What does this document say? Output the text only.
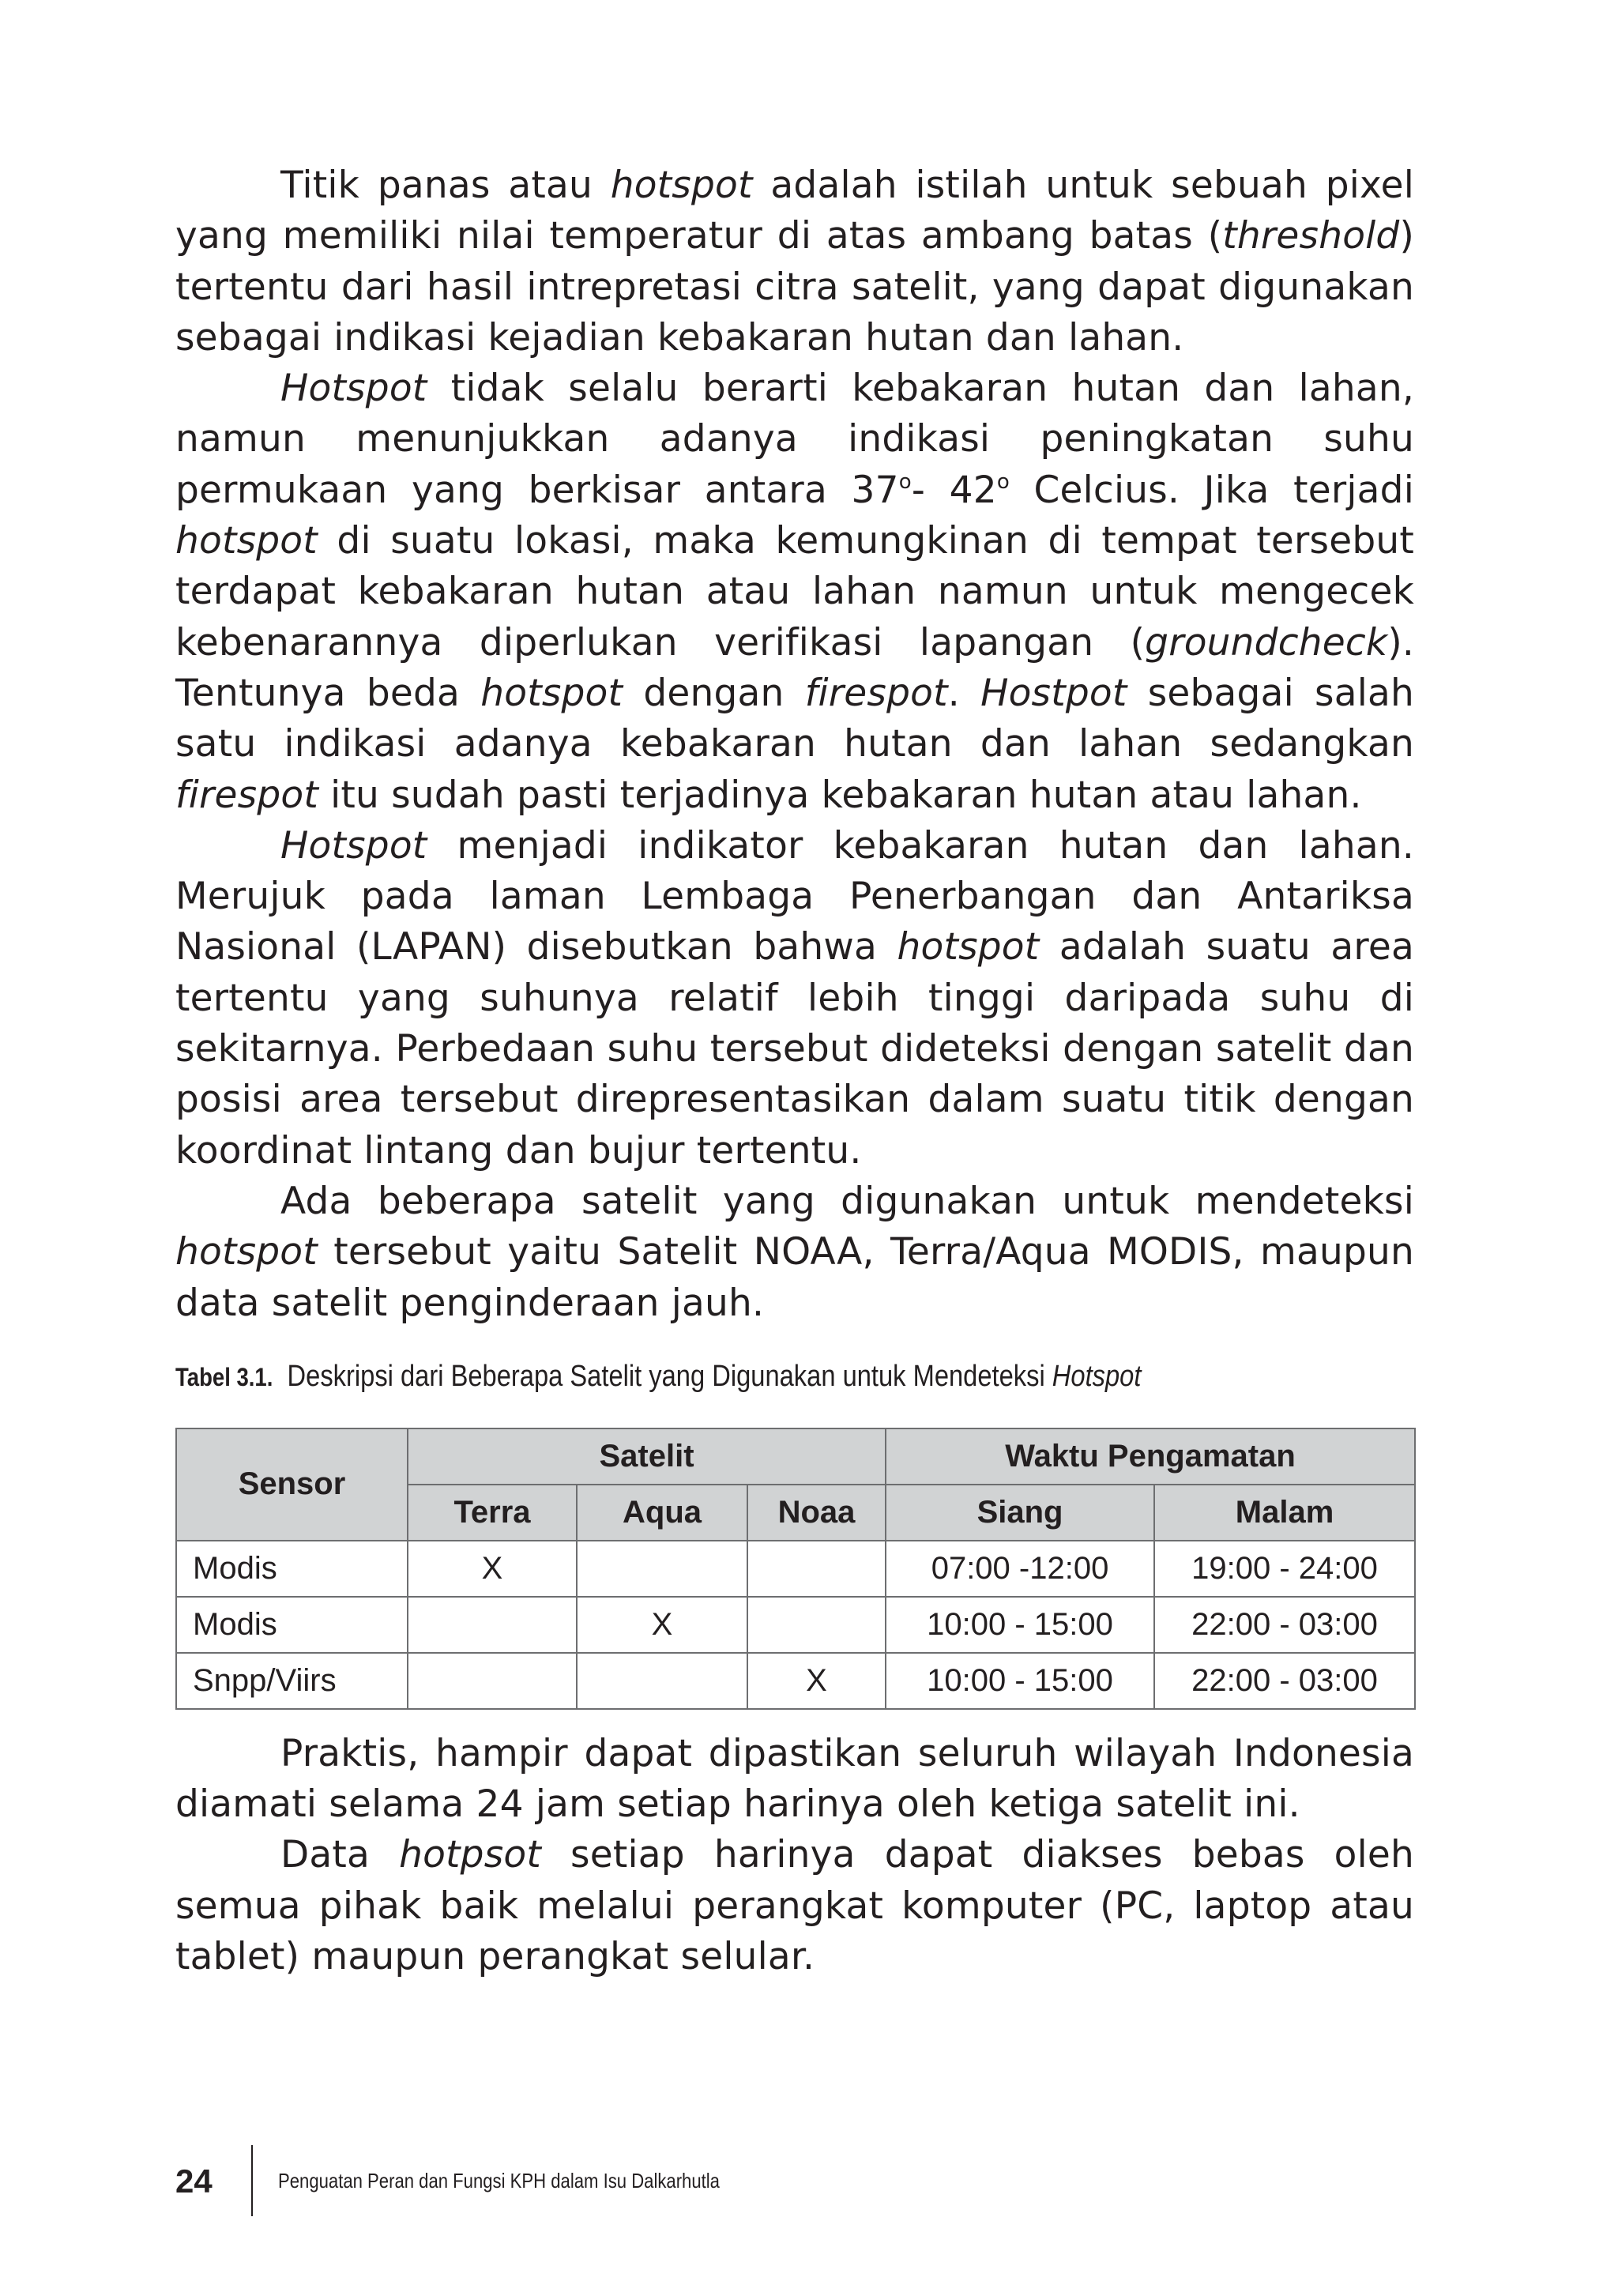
Titik panas atau hotspot adalah istilah untuk sebuah pixel yang memiliki nilai temperatur di atas ambang batas (threshold) tertentu dari hasil intrepretasi citra satelit, yang dapat digunakan sebagai indikasi kejadian kebakaran hutan dan lahan.

Hotspot tidak selalu berarti kebakaran hutan dan lahan, namun menunjukkan adanya indikasi peningkatan suhu permukaan yang berkisar antara 37$^o$- 42$^o$ Celcius. Jika terjadi hotspot di suatu lokasi, maka kemungkinan di tempat tersebut terdapat kebakaran hutan atau lahan namun untuk mengecek kebenarannya diperlukan verifikasi lapangan (groundcheck). Tentunya beda hotspot dengan firespot. Hostpot sebagai salah satu indikasi adanya kebakaran hutan dan lahan sedangkan firespot itu sudah pasti terjadinya kebakaran hutan atau lahan.

Hotspot menjadi indikator kebakaran hutan dan lahan. Merujuk pada laman Lembaga Penerbangan dan Antariksa Nasional (LAPAN) disebutkan bahwa hotspot adalah suatu area tertentu yang suhunya relatif lebih tinggi daripada suhu di sekitarnya. Perbedaan suhu tersebut dideteksi dengan satelit dan posisi area tersebut direpresentasikan dalam suatu titik dengan koordinat lintang dan bujur tertentu.

Ada beberapa satelit yang digunakan untuk mendeteksi hotspot tersebut yaitu Satelit NOAA, Terra/Aqua MODIS, maupun data satelit penginderaan jauh.

Tabel 3.1. Deskripsi dari Beberapa Satelit yang Digunakan untuk Mendeteksi Hotspot
Sensor	Satelit			Waktu Pengamatan	
	Terra	Aqua	Noaa	Siang	Malam
Modis	X			07:00 -12:00	19:00 - 24:00
Modis		X		10:00 - 15:00	22:00 - 03:00
Snpp/Viirs			X	10:00 - 15:00	22:00 - 03:00

Praktis, hampir dapat dipastikan seluruh wilayah Indonesia diamati selama 24 jam setiap harinya oleh ketiga satelit ini.

Data hotpsot setiap harinya dapat diakses bebas oleh semua pihak baik melalui perangkat komputer (PC, laptop atau tablet) maupun perangkat selular.

24	Penguatan Peran dan Fungsi KPH dalam Isu Dalkarhutla
